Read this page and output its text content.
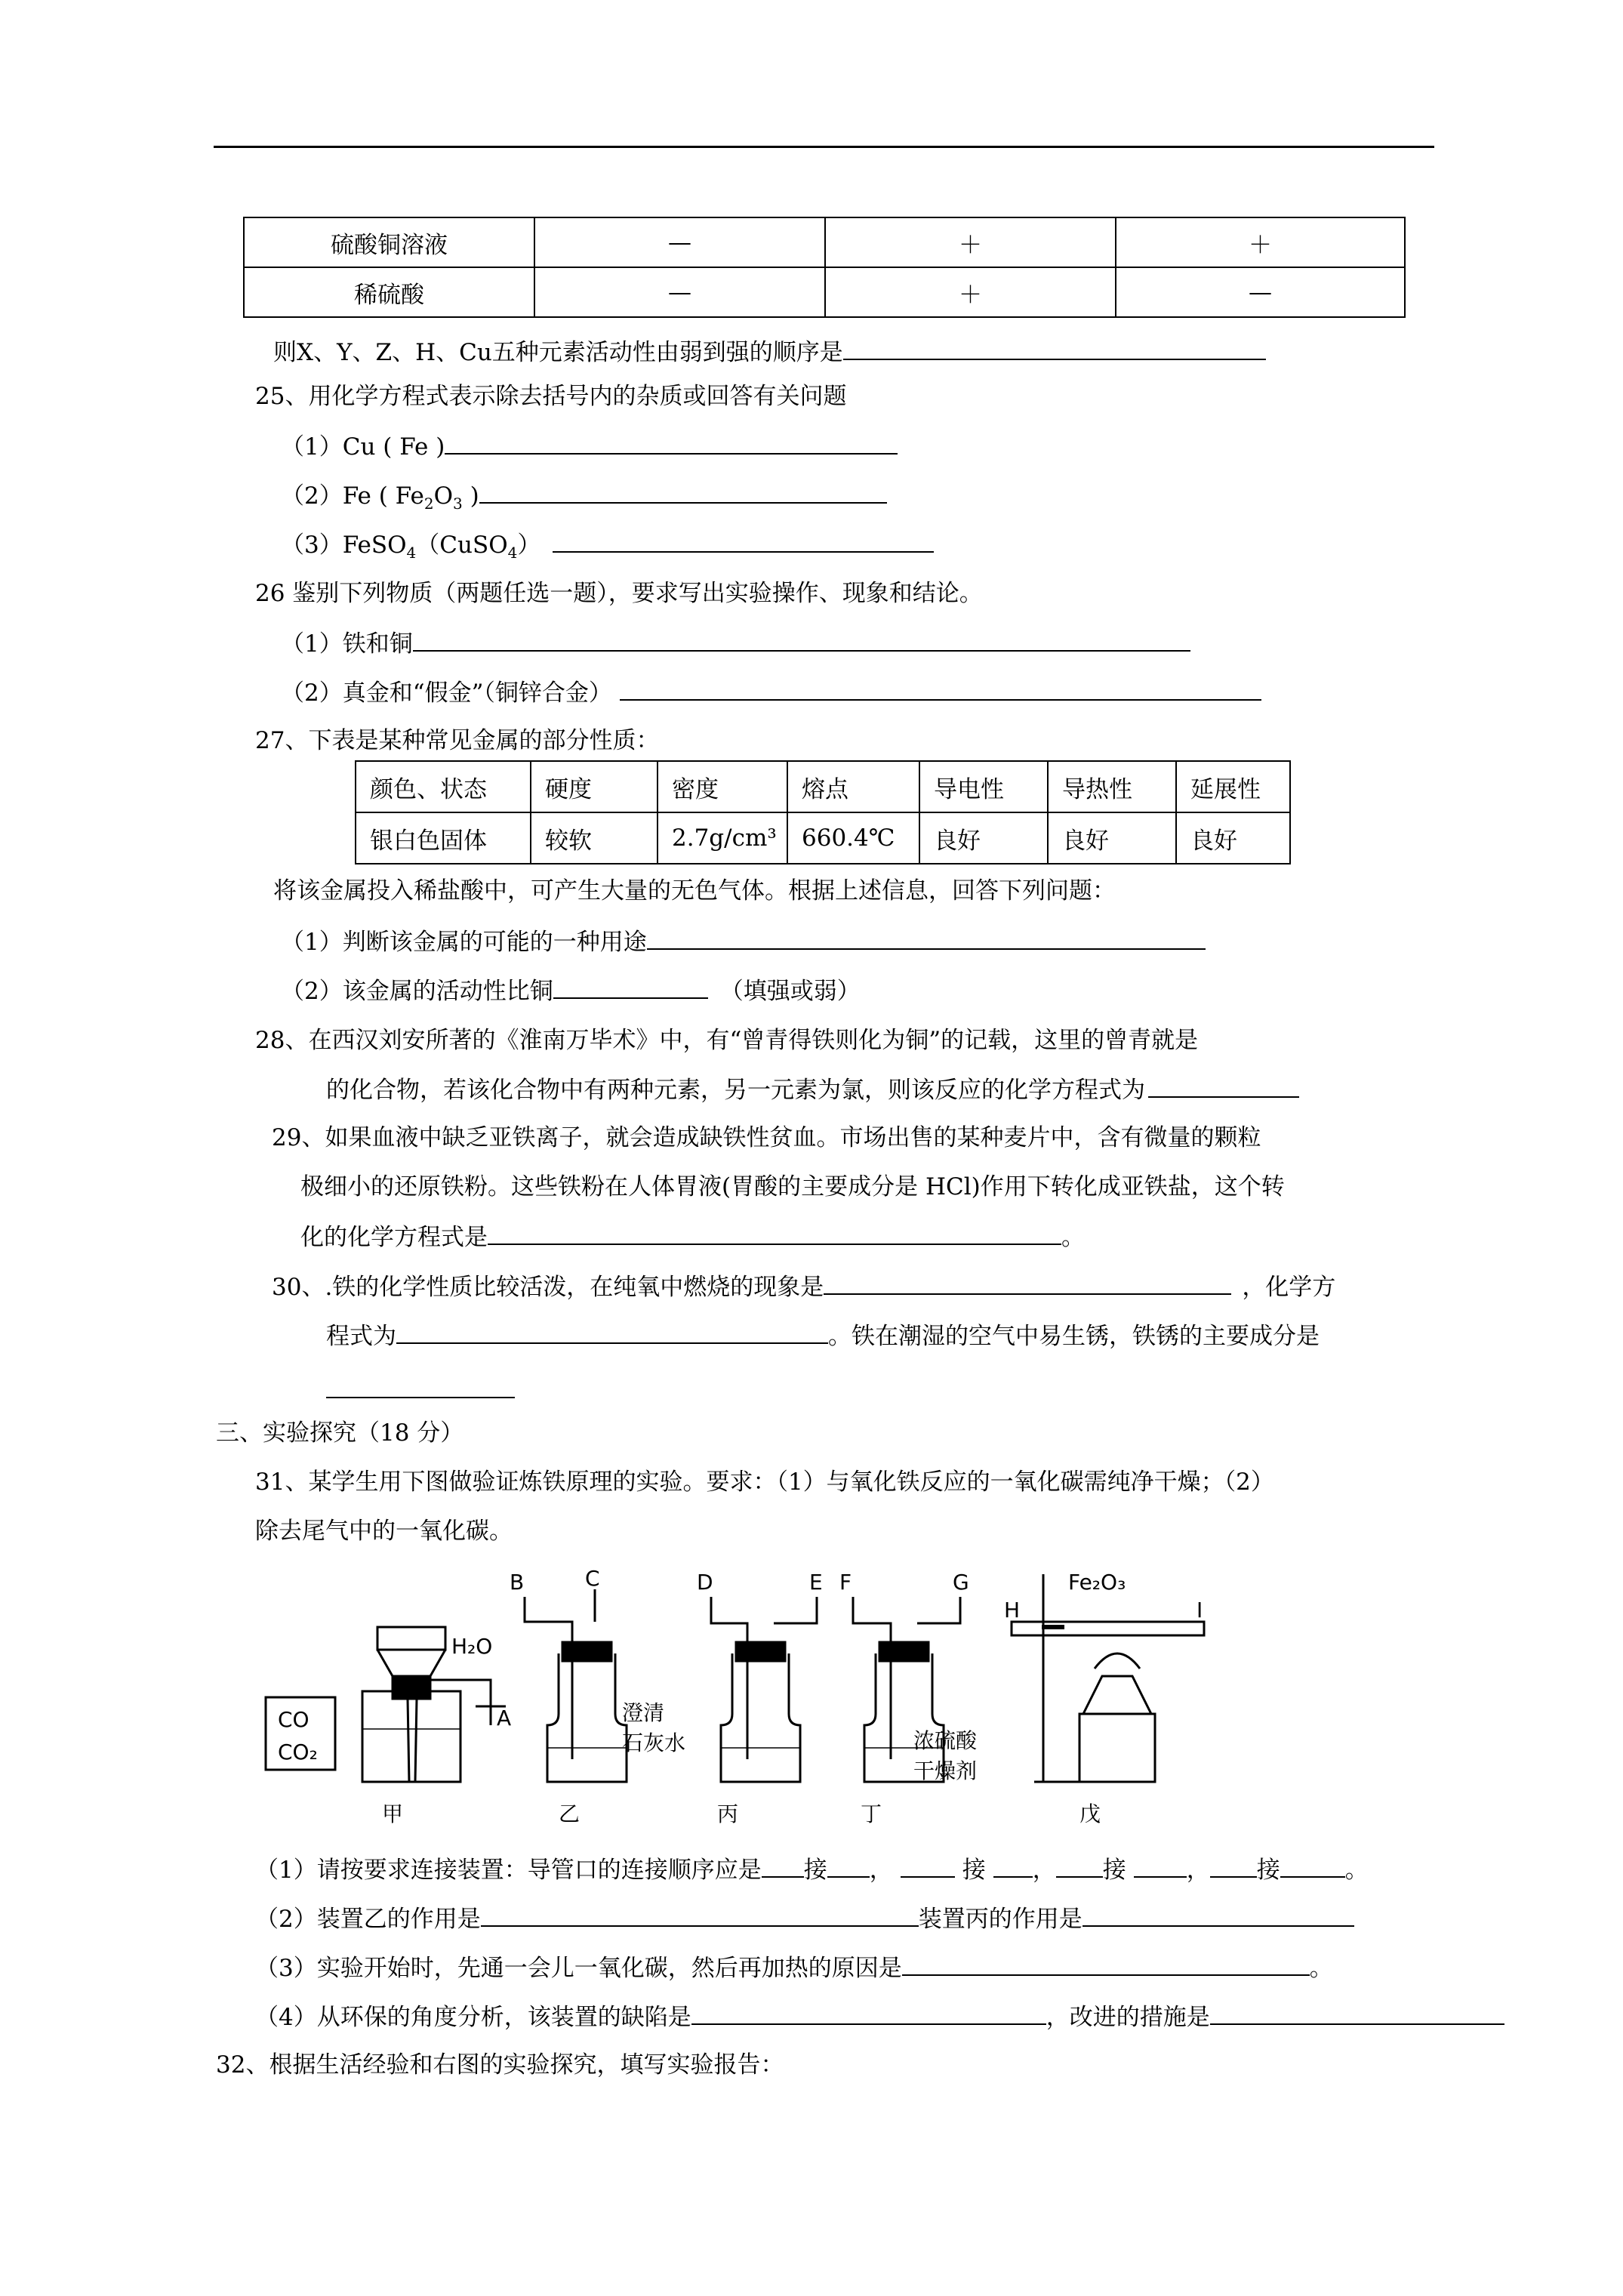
硫酸铜溶液	—	＋	＋
稀硫酸	—	＋	—
则X、Y、Z、H、Cu五种元素活动性由弱到强的顺序是
25、用化学方程式表示除去括号内的杂质或回答有关问题
（1）Cu ( Fe )
（2）Fe ( $Fe_2O_3$ )
（3）FeSO$_4$（CuSO$_4$）
26 鉴别下列物质（两题任选一题），要求写出实验操作、现象和结论。
（1）铁和铜
（2）真金和“假金”（铜锌合金）
27、下表是某种常见金属的部分性质：
颜色、状态	硬度	密度	熔点	导电性	导热性	延展性
银白色固体	较软	2.7g/cm³	660.4℃	良好	良好	良好
将该金属投入稀盐酸中，可产生大量的无色气体。根据上述信息，回答下列问题：
（1）判断该金属的可能的一种用途
（2）该金属的活动性比铜	（填强或弱）
28、在西汉刘安所著的《淮南万毕术》中，有“曾青得铁则化为铜”的记载，这里的曾青就是
的化合物，若该化合物中有两种元素，另一元素为氯，则该反应的化学方程式为
29、如果血液中缺乏亚铁离子，就会造成缺铁性贫血。市场出售的某种麦片中，含有微量的颗粒
极细小的还原铁粉。这些铁粉在人体胃液(胃酸的主要成分是 HCl)作用下转化成亚铁盐，这个转
化的化学方程式是	。
30、.铁的化学性质比较活泼，在纯氧中燃烧的现象是	，化学方
程式为	。铁在潮湿的空气中易生锈，铁锈的主要成分是
三、实验探究（18 分）
31、某学生用下图做验证炼铁原理的实验。要求：（1）与氧化铁反应的一氧化碳需纯净干燥；（2）
除去尾气中的一氧化碳。
CO
CO₂
H₂O
A
B	C	D	E F	G
H	I
Fe₂O₃
澄清
石灰水	浓硫酸
干燥剂
甲	乙	丙	丁	戊
（1）请按要求连接装置：导管口的连接顺序应是 接 ，	接 ， 接	， 接	。
（2）装置乙的作用是	装置丙的作用是
（3）实验开始时，先通一会儿一氧化碳，然后再加热的原因是	。
（4）从环保的角度分析，该装置的缺陷是	，改进的措施是
32、根据生活经验和右图的实验探究，填写实验报告：
